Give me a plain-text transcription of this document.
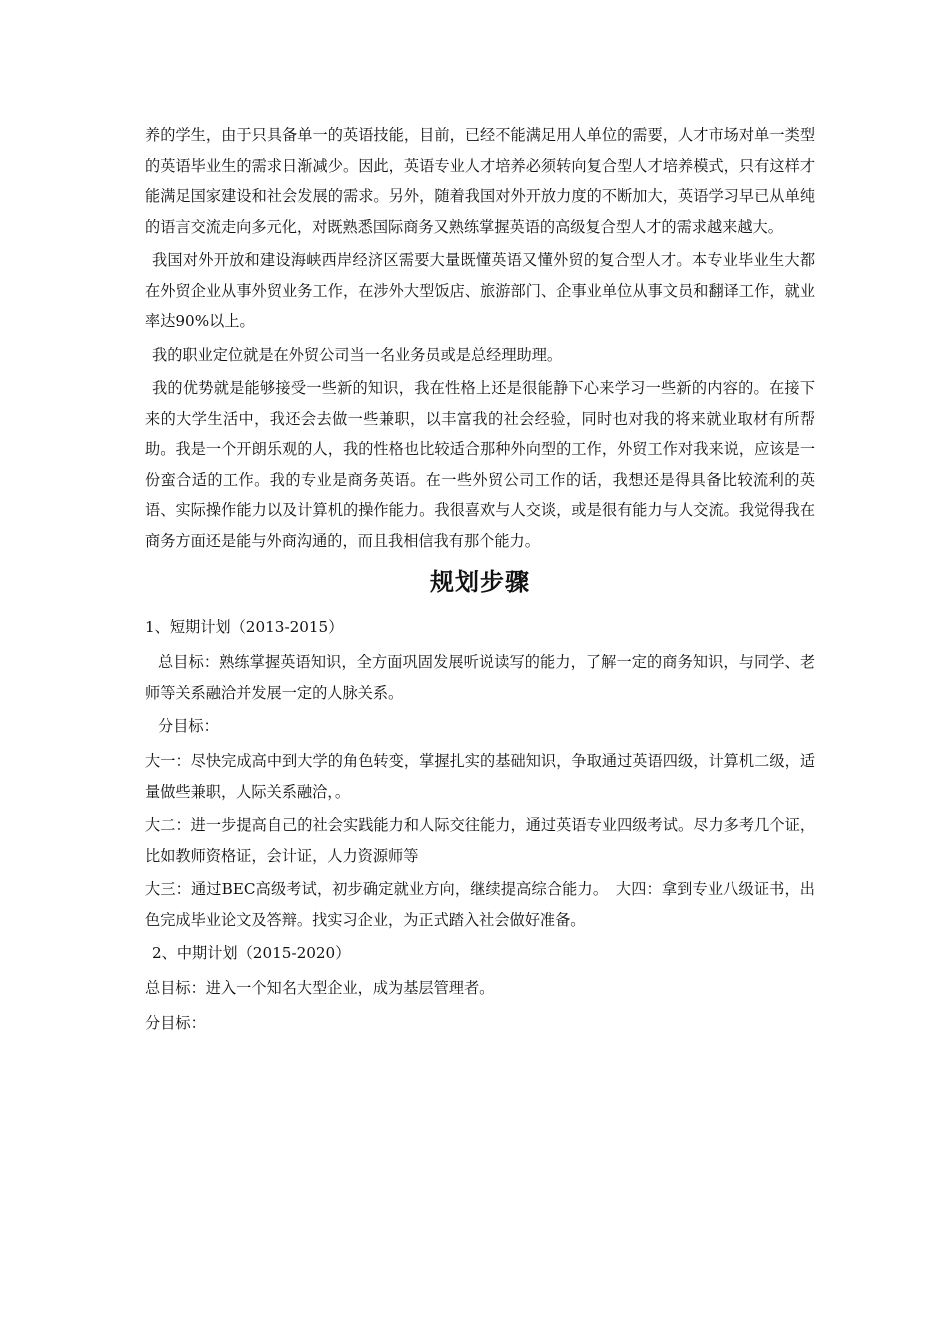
养的学生，由于只具备单一的英语技能，目前，已经不能满足用人单位的需要，人才市场对单一类型的英语毕业生的需求日渐减少。因此，英语专业人才培养必须转向复合型人才培养模式，只有这样才能满足国家建设和社会发展的需求。另外，随着我国对外开放力度的不断加大，英语学习早已从单纯的语言交流走向多元化，对既熟悉国际商务又熟练掌握英语的高级复合型人才的需求越来越大。

我国对外开放和建设海峡西岸经济区需要大量既懂英语又懂外贸的复合型人才。本专业毕业生大都在外贸企业从事外贸业务工作，在涉外大型饭店、旅游部门、企事业单位从事文员和翻译工作，就业率达90%以上。

我的职业定位就是在外贸公司当一名业务员或是总经理助理。

我的优势就是能够接受一些新的知识，我在性格上还是很能静下心来学习一些新的内容的。在接下来的大学生活中，我还会去做一些兼职，以丰富我的社会经验，同时也对我的将来就业取材有所帮助。我是一个开朗乐观的人，我的性格也比较适合那种外向型的工作，外贸工作对我来说，应该是一份蛮合适的工作。我的专业是商务英语。在一些外贸公司工作的话，我想还是得具备比较流利的英语、实际操作能力以及计算机的操作能力。我很喜欢与人交谈，或是很有能力与人交流。我觉得我在商务方面还是能与外商沟通的，而且我相信我有那个能力。

规划步骤

1、短期计划（2013-2015）

总目标：熟练掌握英语知识，全方面巩固发展听说读写的能力，了解一定的商务知识，与同学、老师等关系融洽并发展一定的人脉关系。

分目标：

大一：尽快完成高中到大学的角色转变，掌握扎实的基础知识，争取通过英语四级，计算机二级，适量做些兼职，人际关系融洽，。

大二：进一步提高自己的社会实践能力和人际交往能力，通过英语专业四级考试。尽力多考几个证，比如教师资格证，会计证，人力资源师等

大三：通过BEC高级考试，初步确定就业方向，继续提高综合能力。　大四：拿到专业八级证书，出色完成毕业论文及答辩。找实习企业，为正式踏入社会做好准备。

2、中期计划（2015-2020）

总目标：进入一个知名大型企业，成为基层管理者。

分目标：
